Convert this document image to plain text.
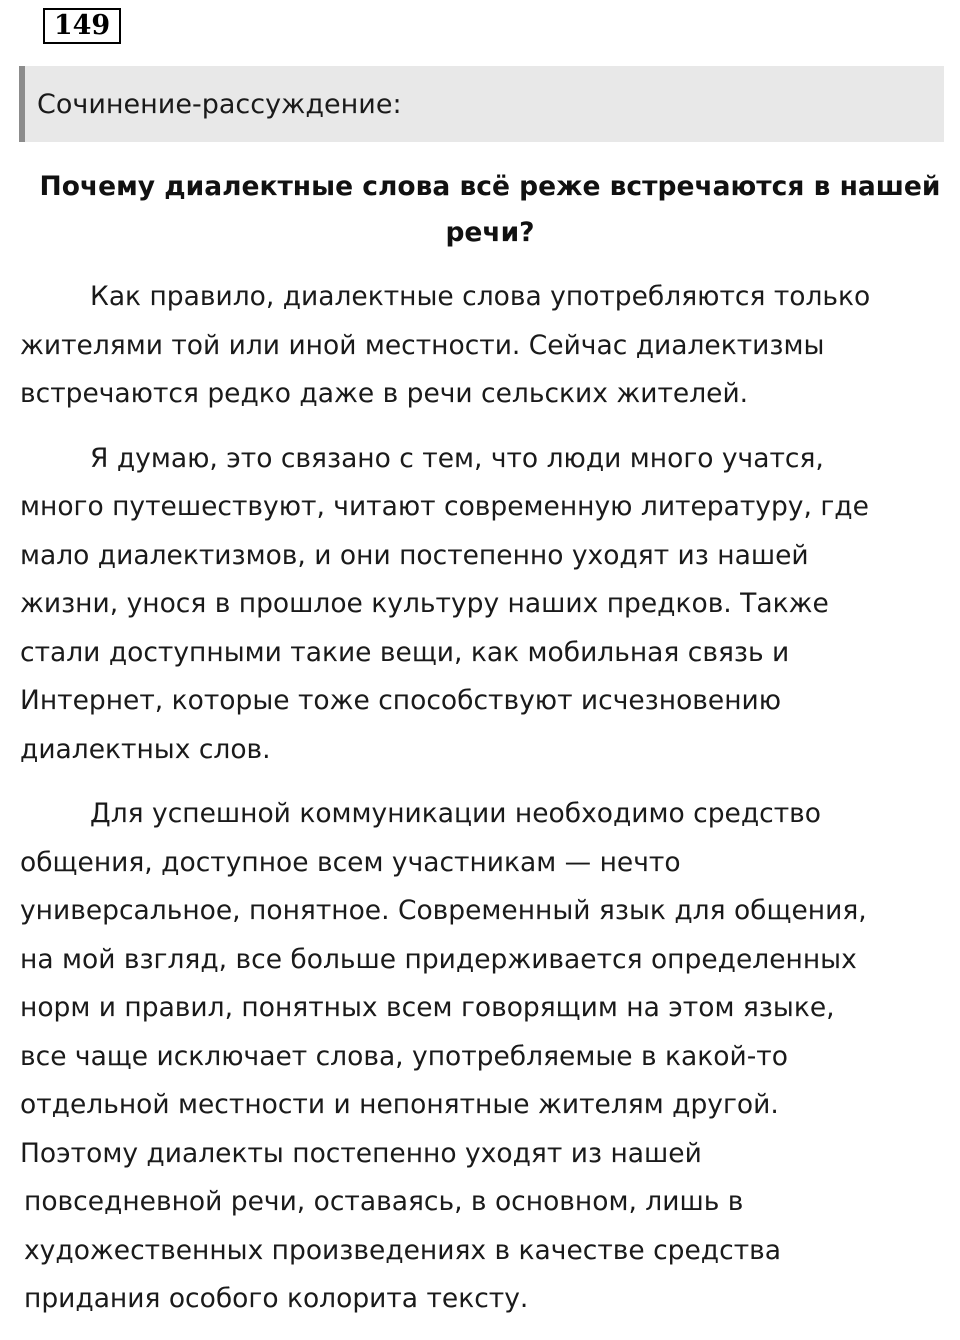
149
Сочинение-рассуждение:
Почему диалектные слова всё реже встречаются в нашей
речи?

Как правило, диалектные слова употребляются только
жителями той или иной местности. Сейчас диалектизмы
встречаются редко даже в речи сельских жителей.

Я думаю, это связано с тем, что люди много учатся,
много путешествуют, читают современную литературу, где
мало диалектизмов, и они постепенно уходят из нашей
жизни, унося в прошлое культуру наших предков. Также
стали доступными такие вещи, как мобильная связь и
Интернет, которые тоже способствуют исчезновению
диалектных слов.

Для успешной коммуникации необходимо средство
общения, доступное всем участникам — нечто
универсальное, понятное. Современный язык для общения,
на мой взгляд, все больше придерживается определенных
норм и правил, понятных всем говорящим на этом языке,
все чаще исключает слова, употребляемые в какой-то
отдельной местности и непонятные жителям другой.
Поэтому диалекты постепенно уходят из нашей
повседневной речи, оставаясь, в основном, лишь в
художественных произведениях в качестве средства
придания особого колорита тексту.
